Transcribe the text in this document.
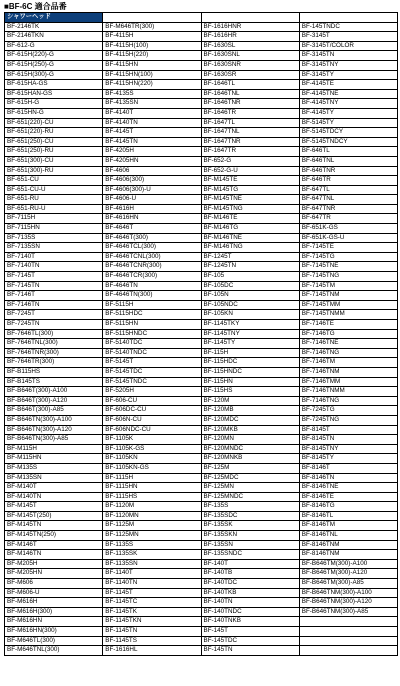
■BF-6C 適合品番
シャワーヘッド			
BF-2146TK	BF-M646TR(300)	BF-1616HNR	BF-145TNDC
BF-2146TKN	BF-4115H	BF-1616HR	BF-3145T
BF-612-G	BF-4115H(100)	BF-1630SL	BF-3145T/COLOR
BF-615H(220)-G	BF-4115H(220)	BF-1630SNL	BF-3145TN
BF-615H(250)-G	BF-4115HN	BF-1630SNR	BF-3145TNY
BF-615H(300)-G	BF-4115HN(100)	BF-1630SR	BF-3145TY
BF-615HA-GS	BF-4115HN(220)	BF-1646TL	BF-4145TE
BF-615HAN-GS	BF-4135S	BF-1646TNL	BF-4145TNE
BF-615H-G	BF-4135SN	BF-1646TNR	BF-4145TNY
BF-615HN-G	BF-4140T	BF-1646TR	BF-4145TY
BF-651(220)-CU	BF-4140TN	BF-1647TL	BF-5145TY
BF-651(220)-RU	BF-4145T	BF-1647TNL	BF-5145TDCY
BF-651(250)-CU	BF-4145TN	BF-1647TNR	BF-5145TNDCY
BF-651(250)-RU	BF-4205H	BF-1647TR	BF-646TL
BF-651(300)-CU	BF-4205HN	BF-652-G	BF-646TNL
BF-651(300)-RU	BF-4606	BF-652-G-U	BF-646TNR
BF-651-CU	BF-4606(300)	BF-M145TE	BF-646TR
BF-651-CU-U	BF-4606(300)-U	BF-M145TG	BF-647TL
BF-651-RU	BF-4606-U	BF-M145TNE	BF-647TNL
BF-651-RU-U	BF-4616H	BF-M145TNG	BF-647TNR
BF-7115H	BF-4616HN	BF-M146TE	BF-647TR
BF-7115HN	BF-4646T	BF-M146TG	BF-651K-GS
BF-7135S	BF-4646T(300)	BF-M146TNE	BF-651K-GS-U
BF-7135SN	BF-4646TCL(300)	BF-M146TNG	BF-7145TE
BF-7140T	BF-4646TCNL(300)	BF-1245T	BF-7145TG
BF-7140TN	BF-4646TCNR(300)	BF-1245TN	BF-7145TNE
BF-7145T	BF-4646TCR(300)	BF-105	BF-7145TNG
BF-7145TN	BF-4646TN	BF-105DC	BF-7145TM
BF-7146T	BF-4646TN(300)	BF-105N	BF-7145TNM
BF-7146TN	BF-5115H	BF-105NDC	BF-7145TMM
BF-7245T	BF-5115HDC	BF-105KN	BF-7145TNMM
BF-7245TN	BF-5115HN	BF-1145TKY	BF-7146TE
BF-7646TL(300)	BF-5115HNDC	BF-1145TNY	BF-7146TG
BF-7646TNL(300)	BF-5140TDC	BF-1145TY	BF-7146TNE
BF-7646TNR(300)	BF-5140TNDC	BF-115H	BF-7146TNG
BF-7646TR(300)	BF-5145T	BF-115HDC	BF-7146TM
BF-B115HS	BF-5145TDC	BF-115HNDC	BF-7146TNM
BF-B145TS	BF-5145TNDC	BF-115HN	BF-7146TMM
BF-B646T(300)-A100	BF-5205H	BF-115HS	BF-7146TNMM
BF-B646T(300)-A120	BF-606-CU	BF-120M	BF-7146TNG
BF-B646T(300)-A85	BF-606DC-CU	BF-120MB	BF-7245TG
BF-B646TN(300)-A100	BF-606N-CU	BF-120MDC	BF-7245TNG
BF-B646TN(300)-A120	BF-606NDC-CU	BF-120MKB	BF-8145T
BF-B646TN(300)-A85	BF-1105K	BF-120MN	BF-8145TN
BF-M115H	BF-1105K-GS	BF-120MNDC	BF-8145TNY
BF-M115HN	BF-1105KN	BF-120MNKB	BF-8145TY
BF-M135S	BF-1105KN-GS	BF-125M	BF-8146T
BF-M135SN	BF-1115H	BF-125MDC	BF-8146TN
BF-M140T	BF-1115HN	BF-125MN	BF-8146TNE
BF-M140TN	BF-1115HS	BF-125MNDC	BF-8146TE
BF-M145T	BF-1120M	BF-135S	BF-8146TG
BF-M145T(250)	BF-1120MN	BF-135SDC	BF-8146TL
BF-M145TN	BF-1125M	BF-135SK	BF-8146TM
BF-M145TN(250)	BF-1125MN	BF-135SKN	BF-8146TNL
BF-M146T	BF-1135S	BF-135SN	BF-8146TNM
BF-M146TN	BF-1135SK	BF-135SNDC	BF-8146TNM
BF-M205H	BF-1135SN	BF-140T	BF-B646TM(300)-A100
BF-M205HN	BF-1140T	BF-140TB	BF-B646TM(300)-A120
BF-M606	BF-1140TN	BF-140TDC	BF-B646TM(300)-A85
BF-M606-U	BF-1145T	BF-140TKB	BF-B646TNM(300)-A100
BF-M616H	BF-1145TC	BF-140TN	BF-B646TNM(300)-A120
BF-M616H(300)	BF-1145TK	BF-140TNDC	BF-B646TNM(300)-A85
BF-M616HN	BF-1145TKN	BF-140TNKB	
BF-M616HN(300)	BF-1145TN	BF-145T	
BF-M646TL(300)	BF-1145TS	BF-145TDC	
BF-M646TNL(300)	BF-1616HL	BF-145TN	
